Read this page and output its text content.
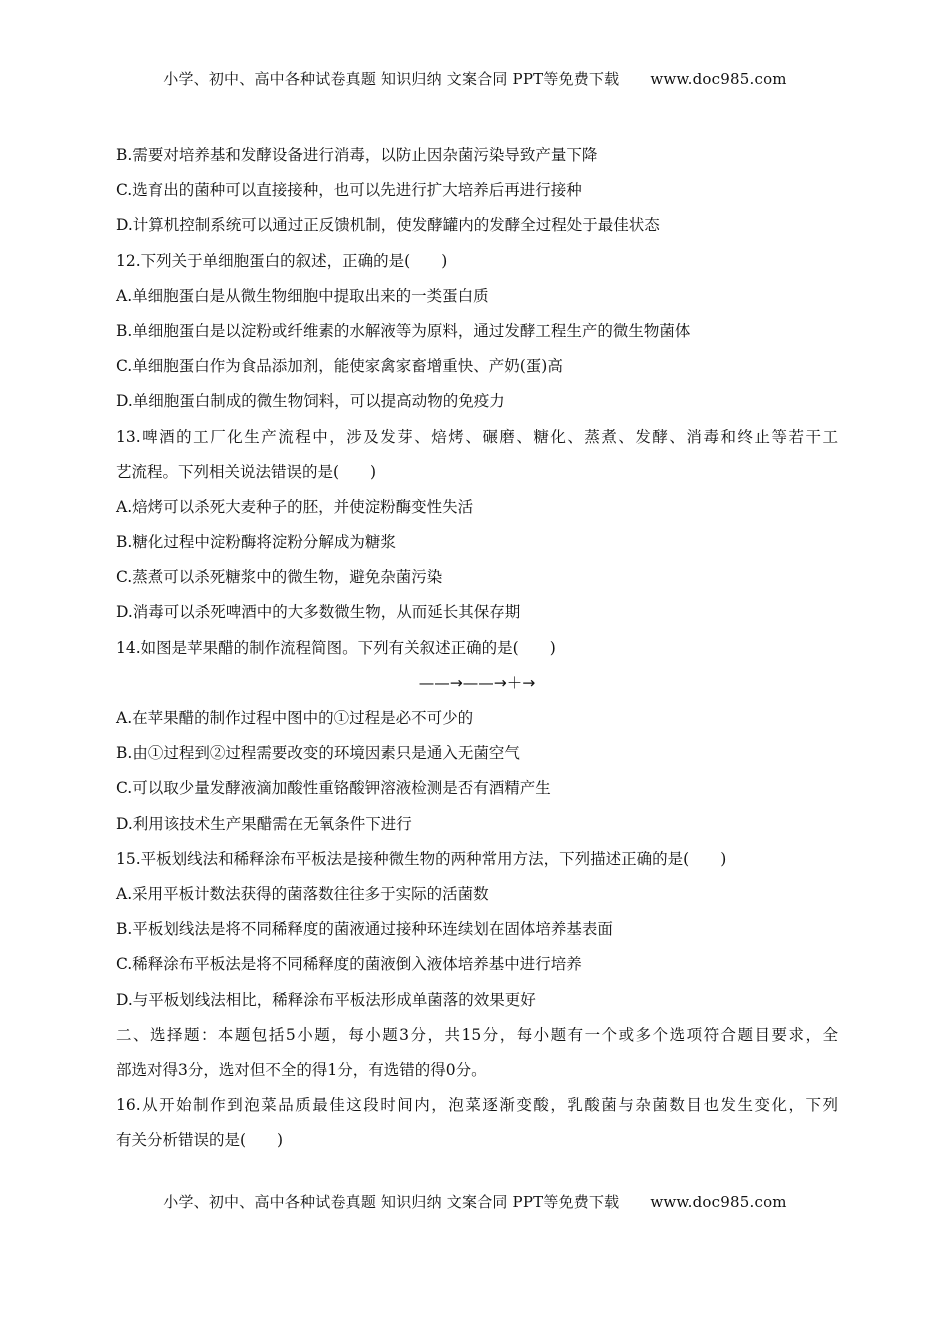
小学、初中、高中各种试卷真题 知识归纳 文案合同 PPT等免费下载 www.doc985.com
B.需要对培养基和发酵设备进行消毒，以防止因杂菌污染导致产量下降
C.选育出的菌种可以直接接种，也可以先进行扩大培养后再进行接种
D.计算机控制系统可以通过正反馈机制，使发酵罐内的发酵全过程处于最佳状态
12.下列关于单细胞蛋白的叙述，正确的是(　　)
A.单细胞蛋白是从微生物细胞中提取出来的一类蛋白质
B.单细胞蛋白是以淀粉或纤维素的水解液等为原料，通过发酵工程生产的微生物菌体
C.单细胞蛋白作为食品添加剂，能使家禽家畜增重快、产奶(蛋)高
D.单细胞蛋白制成的微生物饲料，可以提高动物的免疫力
13.啤酒的工厂化生产流程中，涉及发芽、焙烤、碾磨、糖化、蒸煮、发酵、消毒和终止等若干工
艺流程。下列相关说法错误的是(　　)
A.焙烤可以杀死大麦种子的胚，并使淀粉酶变性失活
B.糖化过程中淀粉酶将淀粉分解成为糖浆
C.蒸煮可以杀死糖浆中的微生物，避免杂菌污染
D.消毒可以杀死啤酒中的大多数微生物，从而延长其保存期
14.如图是苹果醋的制作流程简图。下列有关叙述正确的是(　　)
——→——→＋→
A.在苹果醋的制作过程中图中的①过程是必不可少的
B.由①过程到②过程需要改变的环境因素只是通入无菌空气
C.可以取少量发酵液滴加酸性重铬酸钾溶液检测是否有酒精产生
D.利用该技术生产果醋需在无氧条件下进行
15.平板划线法和稀释涂布平板法是接种微生物的两种常用方法，下列描述正确的是(　　)
A.采用平板计数法获得的菌落数往往多于实际的活菌数
B.平板划线法是将不同稀释度的菌液通过接种环连续划在固体培养基表面
C.稀释涂布平板法是将不同稀释度的菌液倒入液体培养基中进行培养
D.与平板划线法相比，稀释涂布平板法形成单菌落的效果更好
二、选择题：本题包括5小题，每小题3分，共15分，每小题有一个或多个选项符合题目要求，全
部选对得3分，选对但不全的得1分，有选错的得0分。
16.从开始制作到泡菜品质最佳这段时间内，泡菜逐渐变酸，乳酸菌与杂菌数目也发生变化，下列
有关分析错误的是(　　)
小学、初中、高中各种试卷真题 知识归纳 文案合同 PPT等免费下载 www.doc985.com
